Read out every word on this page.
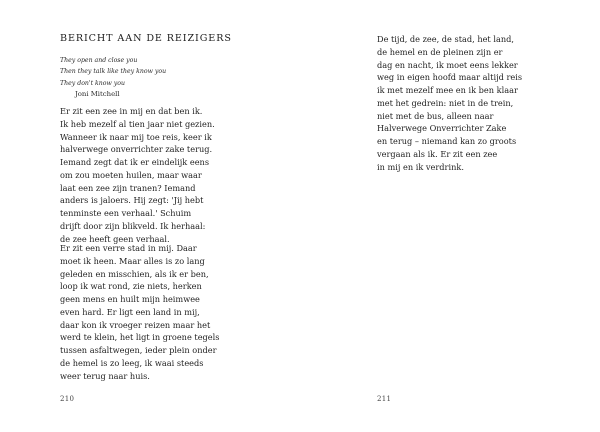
BERICHT AAN DE REIZIGERS
They open and close you
Then they talk like they know you
They don't know you
Joni Mitchell
Er zit een zee in mij en dat ben ik.
Ik heb mezelf al tien jaar niet gezien.
Wanneer ik naar mij toe reis, keer ik
halverwege onverrichter zake terug.
Iemand zegt dat ik er eindelijk eens
om zou moeten huilen, maar waar
laat een zee zijn tranen? Iemand
anders is jaloers. Hij zegt: 'Jij hebt
tenminste een verhaal.' Schuim
drijft door zijn blikveld. Ik herhaal:
de zee heeft geen verhaal.
Er zit een verre stad in mij. Daar
moet ik heen. Maar alles is zo lang
geleden en misschien, als ik er ben,
loop ik wat rond, zie niets, herken
geen mens en huilt mijn heimwee
even hard. Er ligt een land in mij,
daar kon ik vroeger reizen maar het
werd te klein, het ligt in groene tegels
tussen asfaltwegen, ieder plein onder
de hemel is zo leeg, ik waai steeds
weer terug naar huis.
210
De tijd, de zee, de stad, het land,
de hemel en de pleinen zijn er
dag en nacht, ik moet eens lekker
weg in eigen hoofd maar altijd reis
ik met mezelf mee en ik ben klaar
met het gedrein: niet in de trein,
niet met de bus, alleen naar
Halverwege Onverrichter Zake
en terug – niemand kan zo groots
vergaan als ik. Er zit een zee
in mij en ik verdrink.
211
